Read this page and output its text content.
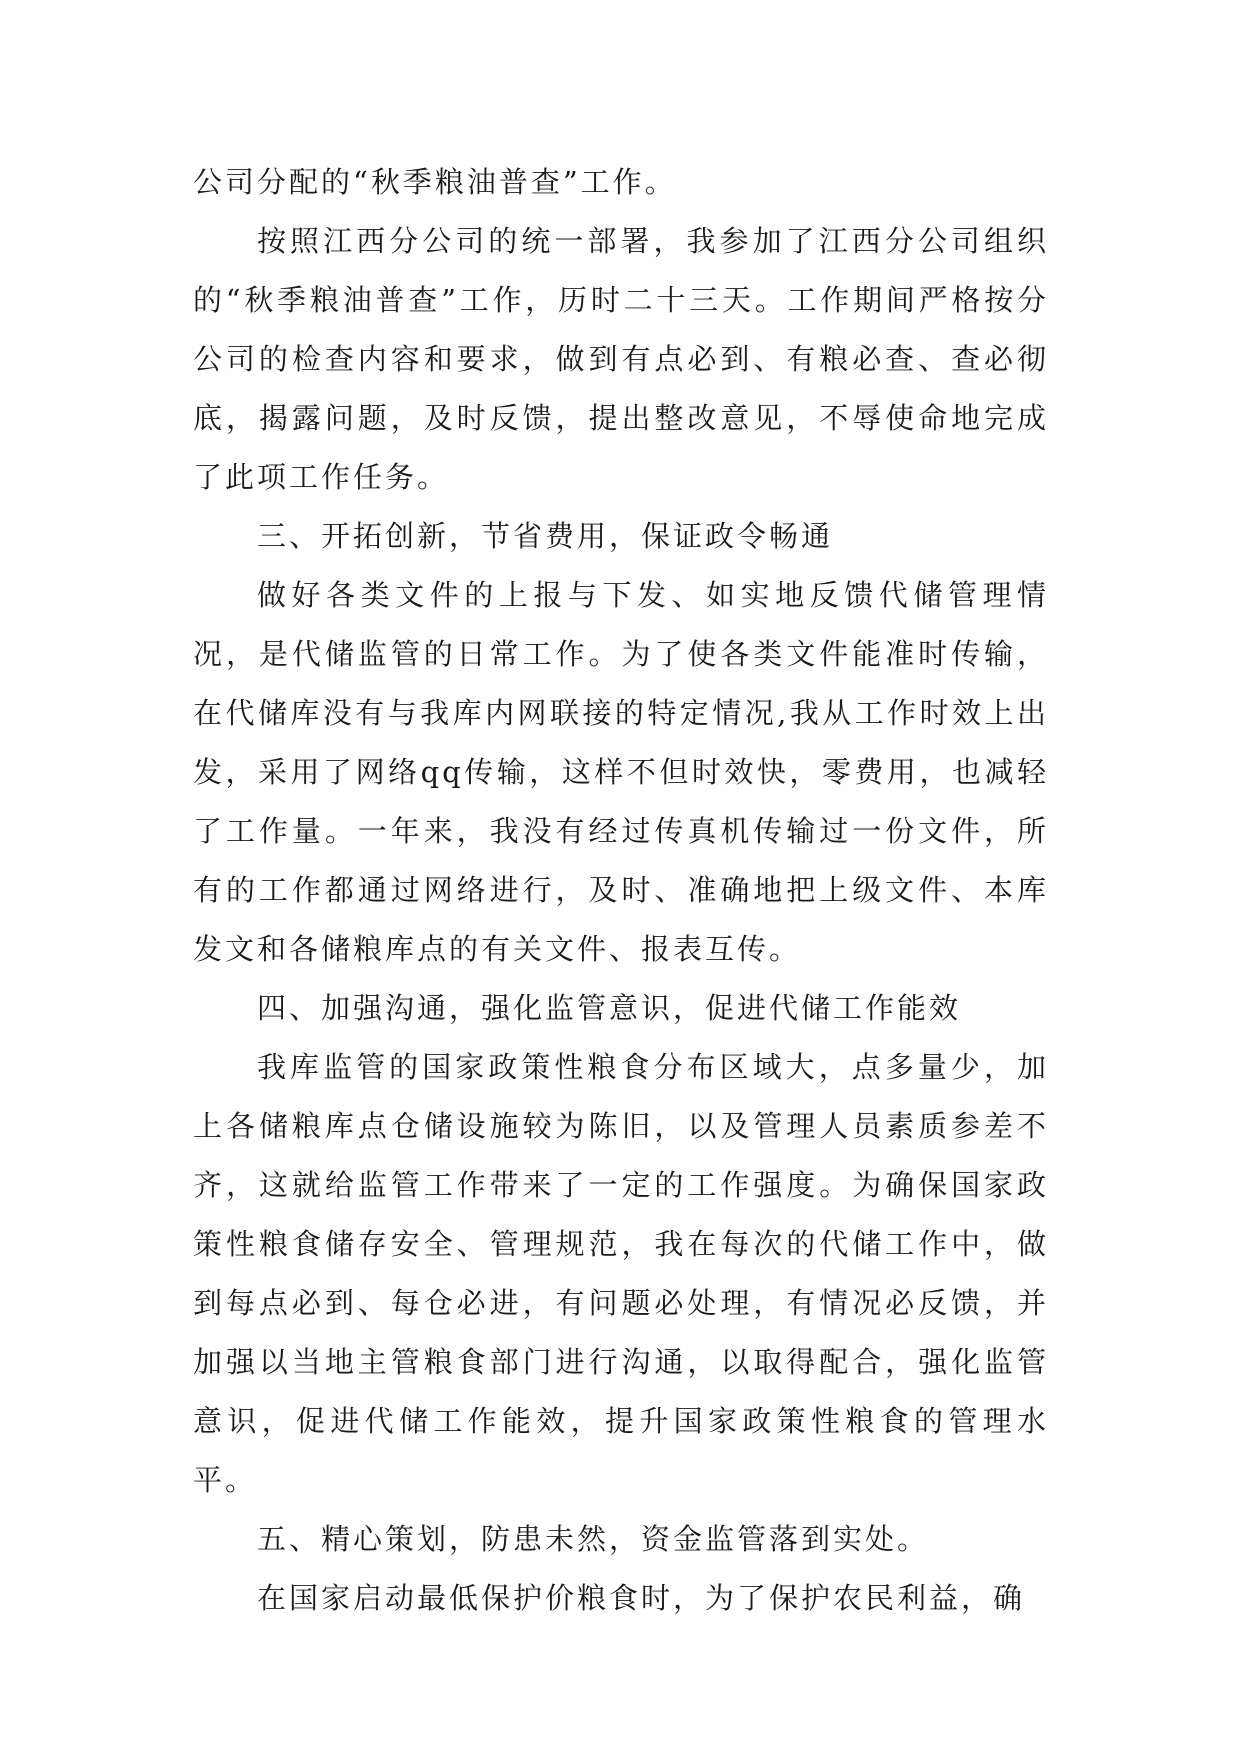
公司分配的“秋季粮油普查”工作。

按照江西分公司的统一部署，我参加了江西分公司组织的“秋季粮油普查”工作，历时二十三天。工作期间严格按分公司的检查内容和要求，做到有点必到、有粮必查、查必彻底，揭露问题，及时反馈，提出整改意见，不辱使命地完成了此项工作任务。

三、开拓创新，节省费用，保证政令畅通

做好各类文件的上报与下发、如实地反馈代储管理情况，是代储监管的日常工作。为了使各类文件能准时传输，在代储库没有与我库内网联接的特定情况,我从工作时效上出发，采用了网络qq传输，这样不但时效快，零费用，也减轻了工作量。一年来，我没有经过传真机传输过一份文件，所有的工作都通过网络进行，及时、准确地把上级文件、本库发文和各储粮库点的有关文件、报表互传。

四、加强沟通，强化监管意识，促进代储工作能效

我库监管的国家政策性粮食分布区域大，点多量少，加上各储粮库点仓储设施较为陈旧，以及管理人员素质参差不齐，这就给监管工作带来了一定的工作强度。为确保国家政策性粮食储存安全、管理规范，我在每次的代储工作中，做到每点必到、每仓必进，有问题必处理，有情况必反馈，并加强以当地主管粮食部门进行沟通，以取得配合，强化监管意识，促进代储工作能效，提升国家政策性粮食的管理水平。

五、精心策划，防患未然，资金监管落到实处。

在国家启动最低保护价粮食时，为了保护农民利益，确
